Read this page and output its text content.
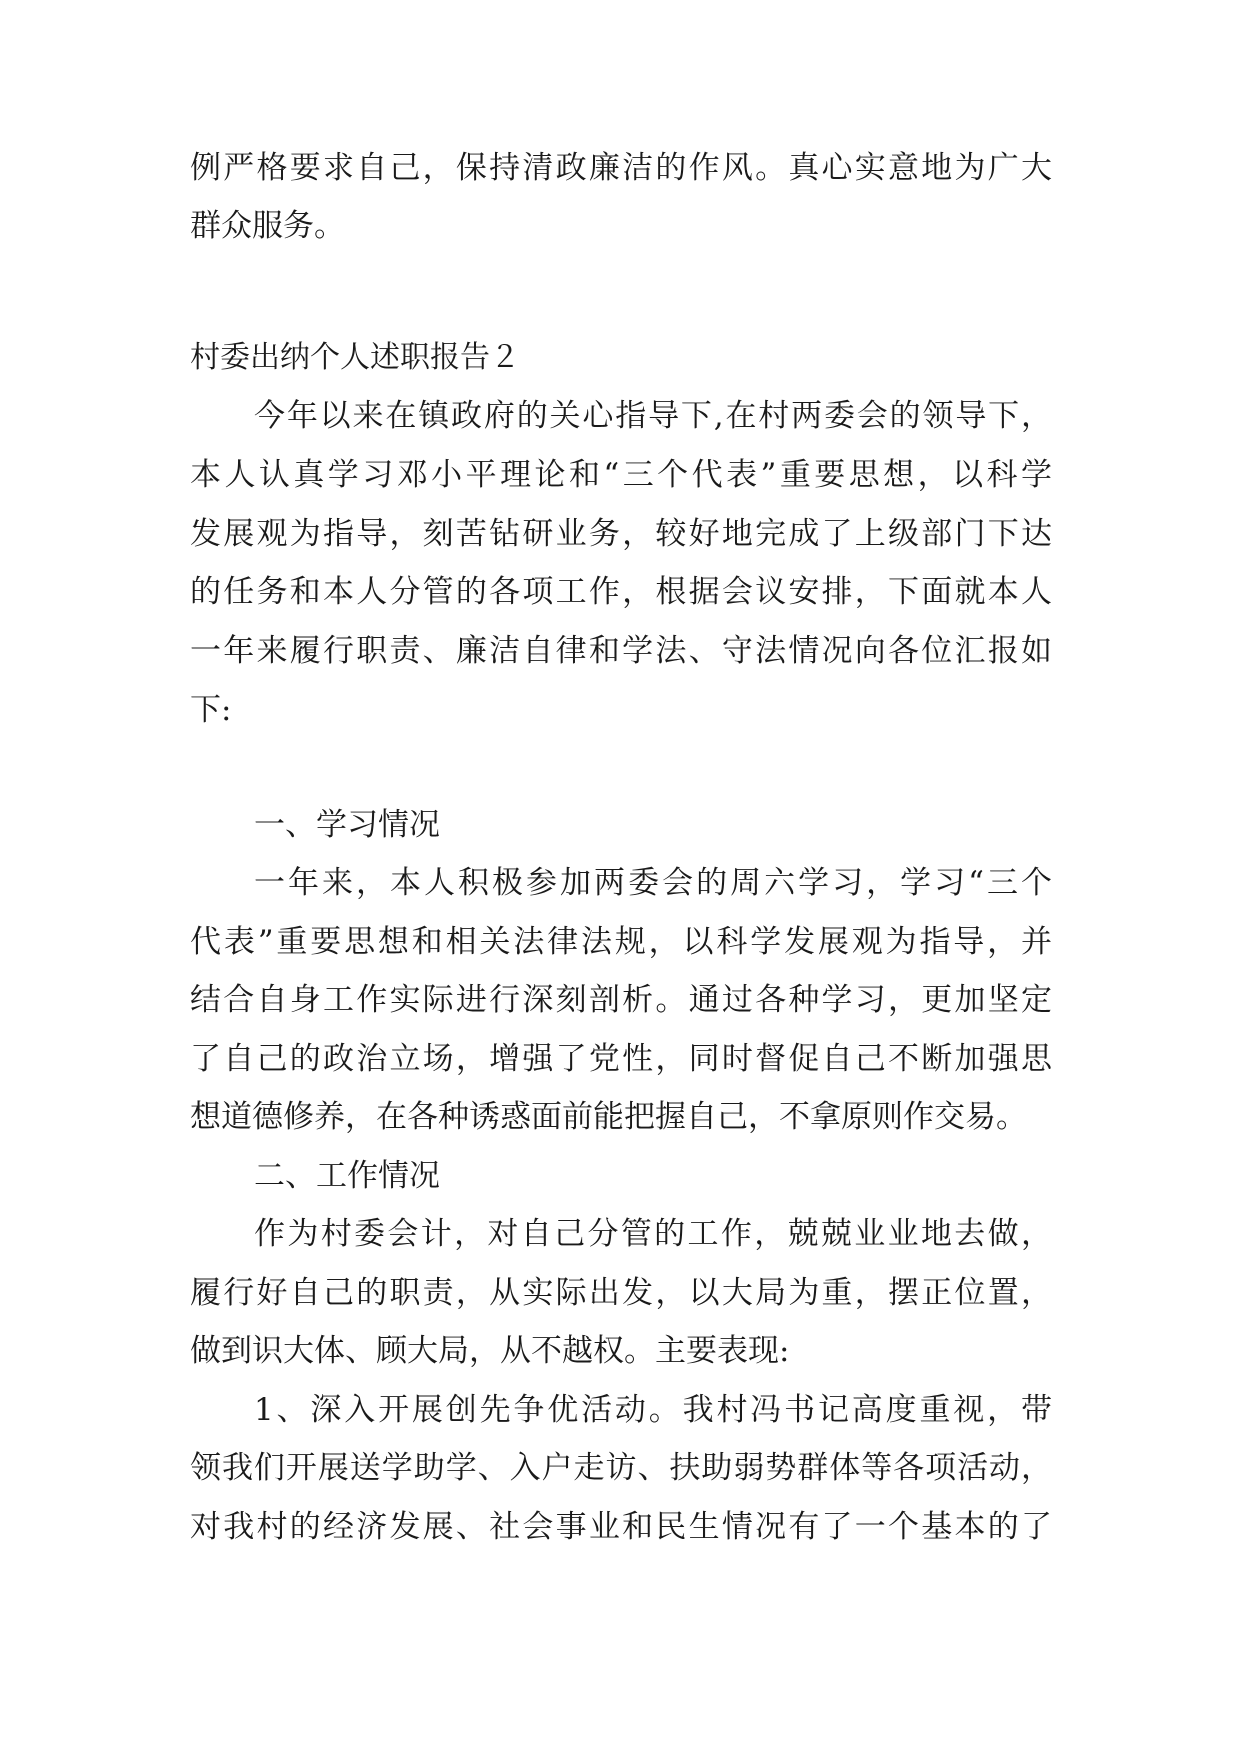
例严格要求自己，保持清政廉洁的作风。真心实意地为广大
群众服务。
村委出纳个人述职报告２
今年以来在镇政府的关心指导下,在村两委会的领导下，
本人认真学习邓小平理论和“三个代表”重要思想，以科学
发展观为指导，刻苦钻研业务，较好地完成了上级部门下达
的任务和本人分管的各项工作，根据会议安排，下面就本人
一年来履行职责、廉洁自律和学法、守法情况向各位汇报如
下:
一、学习情况
一年来，本人积极参加两委会的周六学习，学习“三个
代表”重要思想和相关法律法规，以科学发展观为指导，并
结合自身工作实际进行深刻剖析。通过各种学习，更加坚定
了自己的政治立场，增强了党性，同时督促自己不断加强思
想道德修养，在各种诱惑面前能把握自己，不拿原则作交易。
二、工作情况
作为村委会计，对自己分管的工作，兢兢业业地去做，
履行好自己的职责，从实际出发，以大局为重，摆正位置，
做到识大体、顾大局，从不越权。主要表现:
1、深入开展创先争优活动。我村冯书记高度重视，带
领我们开展送学助学、入户走访、扶助弱势群体等各项活动，
对我村的经济发展、社会事业和民生情况有了一个基本的了
